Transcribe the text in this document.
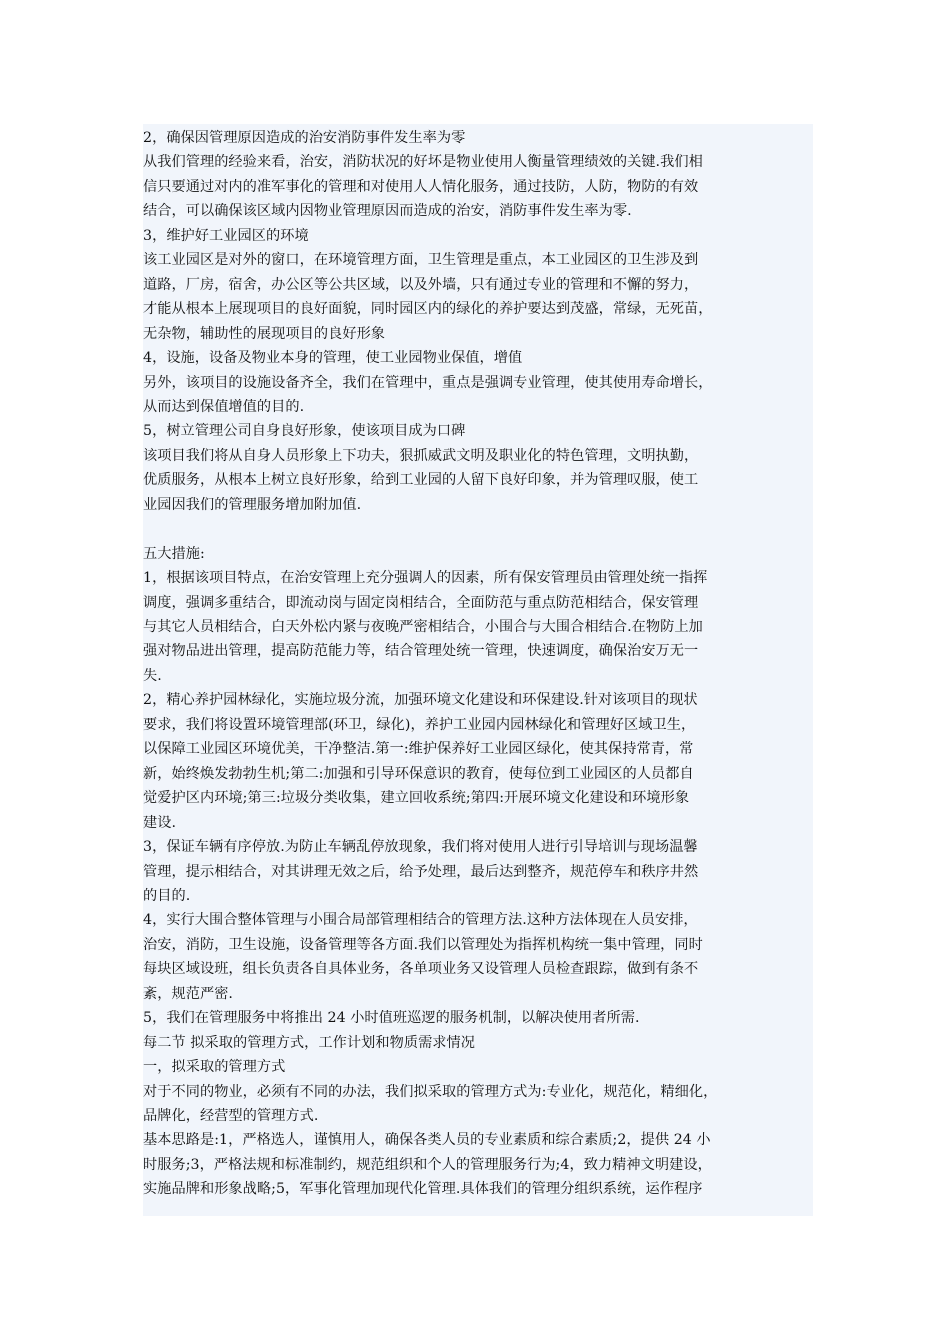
2，确保因管理原因造成的治安消防事件发生率为零
从我们管理的经验来看，治安，消防状况的好坏是物业使用人衡量管理绩效的关键.我们相
信只要通过对内的准军事化的管理和对使用人人情化服务，通过技防，人防，物防的有效
结合，可以确保该区域内因物业管理原因而造成的治安，消防事件发生率为零.
3，维护好工业园区的环境
该工业园区是对外的窗口，在环境管理方面，卫生管理是重点，本工业园区的卫生涉及到
道路，厂房，宿舍，办公区等公共区域，以及外墙，只有通过专业的管理和不懈的努力，
才能从根本上展现项目的良好面貌，同时园区内的绿化的养护要达到茂盛，常绿，无死苗，
无杂物，辅助性的展现项目的良好形象
4，设施，设备及物业本身的管理，使工业园物业保值，增值
另外，该项目的设施设备齐全，我们在管理中，重点是强调专业管理，使其使用寿命增长，
从而达到保值增值的目的.
5，树立管理公司自身良好形象，使该项目成为口碑
该项目我们将从自身人员形象上下功夫，狠抓威武文明及职业化的特色管理，文明执勤，
优质服务，从根本上树立良好形象，给到工业园的人留下良好印象，并为管理叹服，使工
业园因我们的管理服务增加附加值.
五大措施:
1，根据该项目特点，在治安管理上充分强调人的因素，所有保安管理员由管理处统一指挥
调度，强调多重结合，即流动岗与固定岗相结合，全面防范与重点防范相结合，保安管理
与其它人员相结合，白天外松内紧与夜晚严密相结合，小围合与大围合相结合.在物防上加
强对物品进出管理，提高防范能力等，结合管理处统一管理，快速调度，确保治安万无一
失.
2，精心养护园林绿化，实施垃圾分流，加强环境文化建设和环保建设.针对该项目的现状
要求，我们将设置环境管理部(环卫，绿化)，养护工业园内园林绿化和管理好区域卫生，
以保障工业园区环境优美，干净整洁.第一:维护保养好工业园区绿化，使其保持常青，常
新，始终焕发勃勃生机;第二:加强和引导环保意识的教育，使每位到工业园区的人员都自
觉爱护区内环境;第三:垃圾分类收集，建立回收系统;第四:开展环境文化建设和环境形象
建设.
3，保证车辆有序停放.为防止车辆乱停放现象，我们将对使用人进行引导培训与现场温馨
管理，提示相结合，对其讲理无效之后，给予处理，最后达到整齐，规范停车和秩序井然
的目的.
4，实行大围合整体管理与小围合局部管理相结合的管理方法.这种方法体现在人员安排，
治安，消防，卫生设施，设备管理等各方面.我们以管理处为指挥机构统一集中管理，同时
每块区域设班，组长负责各自具体业务，各单项业务又设管理人员检查跟踪，做到有条不
紊，规范严密.
5，我们在管理服务中将推出 24 小时值班巡逻的服务机制，以解决使用者所需.
每二节 拟采取的管理方式，工作计划和物质需求情况
一，拟采取的管理方式
对于不同的物业，必须有不同的办法，我们拟采取的管理方式为:专业化，规范化，精细化，
品牌化，经营型的管理方式.
基本思路是:1，严格选人，谨慎用人，确保各类人员的专业素质和综合素质;2，提供 24 小
时服务;3，严格法规和标准制约，规范组织和个人的管理服务行为;4，致力精神文明建设，
实施品牌和形象战略;5，军事化管理加现代化管理.具体我们的管理分组织系统，运作程序
